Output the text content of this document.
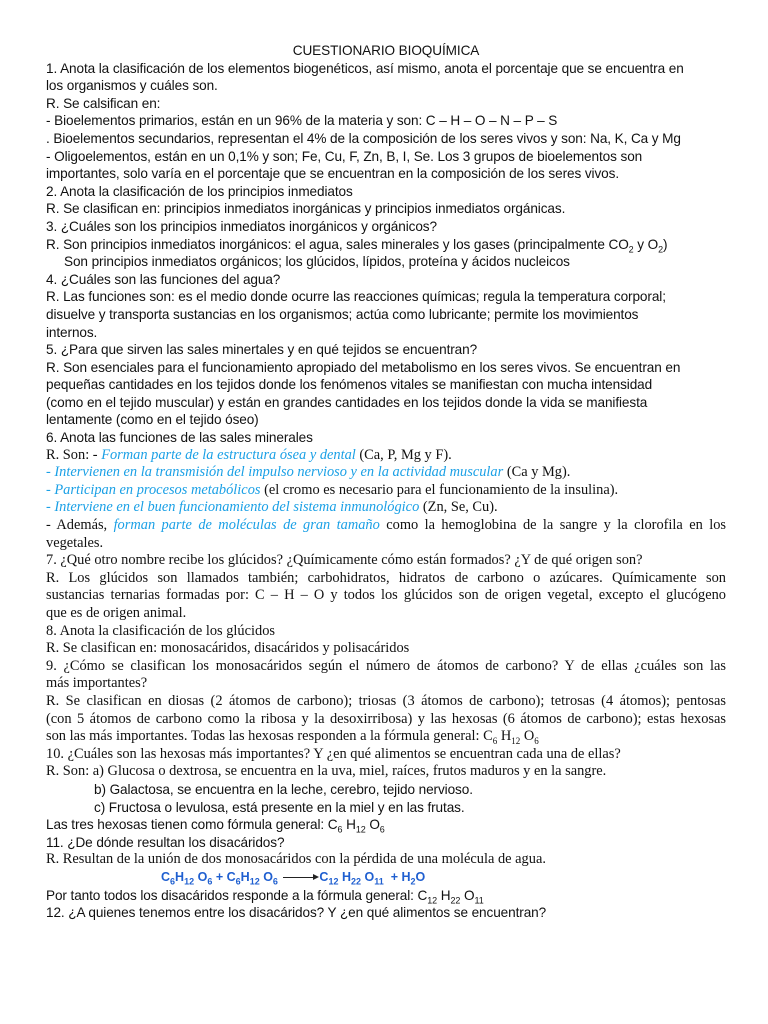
CUESTIONARIO BIOQUÍMICA
1. Anota la clasificación de los elementos biogenéticos, así mismo, anota el porcentaje que se encuentra en
los organismos y cuáles son.
R. Se calsifican en:
- Bioelementos primarios, están en un 96% de la materia y son: C – H – O – N – P – S
. Bioelementos secundarios, representan el 4% de la composición de los seres vivos y son: Na, K, Ca y Mg
- Oligoelementos, están en un 0,1% y son; Fe, Cu, F, Zn, B, I, Se. Los 3 grupos de bioelementos son
importantes, solo varía en el porcentaje que se encuentran en la composición de los seres vivos.
2. Anota la clasificación de los principios inmediatos
R. Se clasifican en: principios inmediatos inorgánicas y principios inmediatos orgánicas.
3. ¿Cuáles son los principios inmediatos inorgánicos y orgánicos?
R. Son principios inmediatos inorgánicos: el agua, sales minerales y los gases (principalmente $CO_2$ y $O_2$)
Son principios inmediatos orgánicos; los glúcidos, lípidos, proteína y ácidos nucleicos
4. ¿Cuáles son las funciones del agua?
R. Las funciones son: es el medio donde ocurre las reacciones químicas; regula la temperatura corporal;
disuelve y transporta sustancias en los organismos; actúa como lubricante; permite los movimientos
internos.
5. ¿Para que sirven las sales minertales y en qué tejidos se encuentran?
R. Son esenciales para el funcionamiento apropiado del metabolismo en los seres vivos. Se encuentran en
pequeñas cantidades en los tejidos donde los fenómenos vitales se manifiestan con mucha intensidad
(como en el tejido muscular) y están en grandes cantidades en los tejidos donde la vida se manifiesta
lentamente (como en el tejido óseo)
6. Anota las funciones de las sales minerales
R. Son: - Forman parte de la estructura ósea y dental (Ca, P, Mg y F).
- Intervienen en la transmisión del impulso nervioso y en la actividad muscular (Ca y Mg).
- Participan en procesos metabólicos (el cromo es necesario para el funcionamiento de la insulina).
- Interviene en el buen funcionamiento del sistema inmunológico (Zn, Se, Cu).
- Además, forman parte de moléculas de gran tamaño como la hemoglobina de la sangre y la clorofila en los
vegetales.
7. ¿Qué otro nombre recibe los glúcidos? ¿Químicamente cómo están formados? ¿Y de qué origen son?
R. Los glúcidos son llamados también; carbohidratos, hidratos de carbono o azúcares. Químicamente son
sustancias ternarias formadas por: C – H – O y todos los glúcidos son de origen vegetal, excepto el glucógeno
que es de origen animal.
8. Anota la clasificación de los glúcidos
R. Se clasifican en: monosacáridos, disacáridos y polisacáridos
9. ¿Cómo se clasifican los monosacáridos según el número de átomos de carbono? Y de ellas ¿cuáles son las
más importantes?
R. Se clasifican en diosas (2 átomos de carbono); triosas (3 átomos de carbono); tetrosas (4 átomos); pentosas
(con 5 átomos de carbono como la ribosa y la desoxirribosa) y las hexosas (6 átomos de carbono); estas hexosas
son las más importantes. Todas las hexosas responden a la fórmula general: $C_6$ $H_{12}$ $O_6$
10. ¿Cuáles son las hexosas más importantes? Y ¿en qué alimentos se encuentran cada una de ellas?
R. Son: a) Glucosa o dextrosa, se encuentra en la uva, miel, raíces, frutos maduros y en la sangre.
b) Galactosa, se encuentra en la leche, cerebro, tejido nervioso.
c) Fructosa o levulosa, está presente en la miel y en las frutas.
Las tres hexosas tienen como fórmula general: $C_6$ $H_{12}$ $O_6$
11. ¿De dónde resultan los disacáridos?
R. Resultan de la unión de dos monosacáridos con la pérdida de una molécula de agua.
$C_6H_{12}$ $O_6 + C_6H_{12}$ $O_6 \to C_{12}$ $H_{22}$ $O_{11} + H_2O$
Por tanto todos los disacáridos responde a la fórmula general: $C_{12}$ $H_{22}$ $O_{11}$
12. ¿A quienes tenemos entre los disacáridos? Y ¿en qué alimentos se encuentran?
